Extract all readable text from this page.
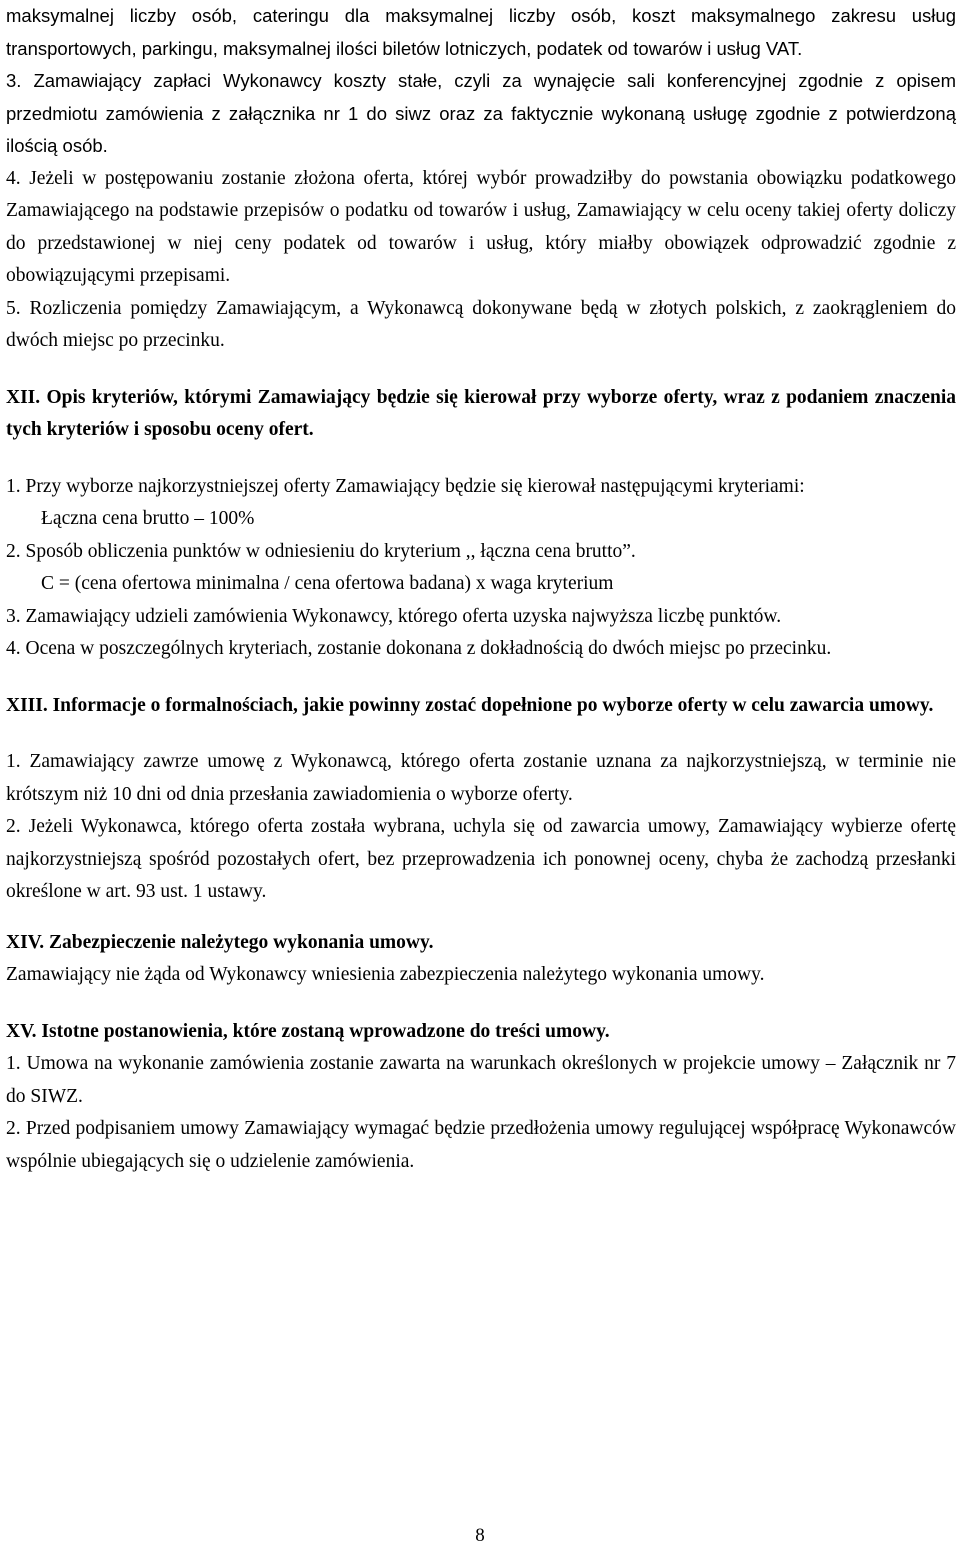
maksymalnej liczby osób, cateringu dla maksymalnej liczby osób, koszt maksymalnego zakresu usług transportowych, parkingu, maksymalnej ilości biletów lotniczych, podatek od towarów i usług VAT.

3. Zamawiający zapłaci Wykonawcy koszty stałe, czyli za wynajęcie sali konferencyjnej zgodnie z opisem przedmiotu zamówienia z załącznika nr 1 do siwz oraz za faktycznie wykonaną usługę zgodnie z potwierdzoną ilością osób.

4. Jeżeli w postępowaniu zostanie złożona oferta, której wybór prowadziłby do powstania obowiązku podatkowego Zamawiającego na podstawie przepisów o podatku od towarów i usług, Zamawiający w celu oceny takiej oferty doliczy do przedstawionej w niej ceny podatek od towarów i usług, który miałby obowiązek odprowadzić zgodnie z obowiązującymi przepisami.

5. Rozliczenia pomiędzy Zamawiającym, a Wykonawcą dokonywane będą w złotych polskich, z zaokrągleniem do dwóch miejsc po przecinku.

XII. Opis kryteriów, którymi Zamawiający będzie się kierował przy wyborze oferty, wraz z podaniem znaczenia tych kryteriów i sposobu oceny ofert.

1. Przy wyborze najkorzystniejszej oferty Zamawiający będzie się kierował następującymi kryteriami:

Łączna cena brutto – 100%

2. Sposób obliczenia punktów w odniesieniu do kryterium ,, łączna cena brutto”.

C = (cena ofertowa minimalna / cena ofertowa badana) x waga kryterium

3. Zamawiający udzieli zamówienia Wykonawcy, którego oferta uzyska najwyższa liczbę punktów.

4. Ocena w poszczególnych kryteriach, zostanie dokonana z dokładnością do dwóch miejsc po przecinku.

XIII. Informacje o formalnościach, jakie powinny zostać dopełnione po wyborze oferty w celu zawarcia umowy.

1. Zamawiający zawrze umowę z Wykonawcą, którego oferta zostanie uznana za najkorzystniejszą, w terminie nie krótszym niż 10 dni od dnia przesłania zawiadomienia o wyborze oferty.

2. Jeżeli Wykonawca, którego oferta została wybrana, uchyla się od zawarcia umowy, Zamawiający wybierze ofertę najkorzystniejszą spośród pozostałych ofert, bez przeprowadzenia ich ponownej oceny, chyba że zachodzą przesłanki określone w art. 93 ust. 1 ustawy.

XIV. Zabezpieczenie należytego wykonania umowy.

Zamawiający nie żąda od Wykonawcy wniesienia zabezpieczenia należytego wykonania umowy.

XV. Istotne postanowienia, które zostaną wprowadzone do treści umowy.

1. Umowa na wykonanie zamówienia zostanie zawarta na warunkach określonych w projekcie umowy – Załącznik nr 7 do SIWZ.

2. Przed podpisaniem umowy Zamawiający wymagać będzie przedłożenia umowy regulującej współpracę Wykonawców wspólnie ubiegających się o udzielenie zamówienia.

8
